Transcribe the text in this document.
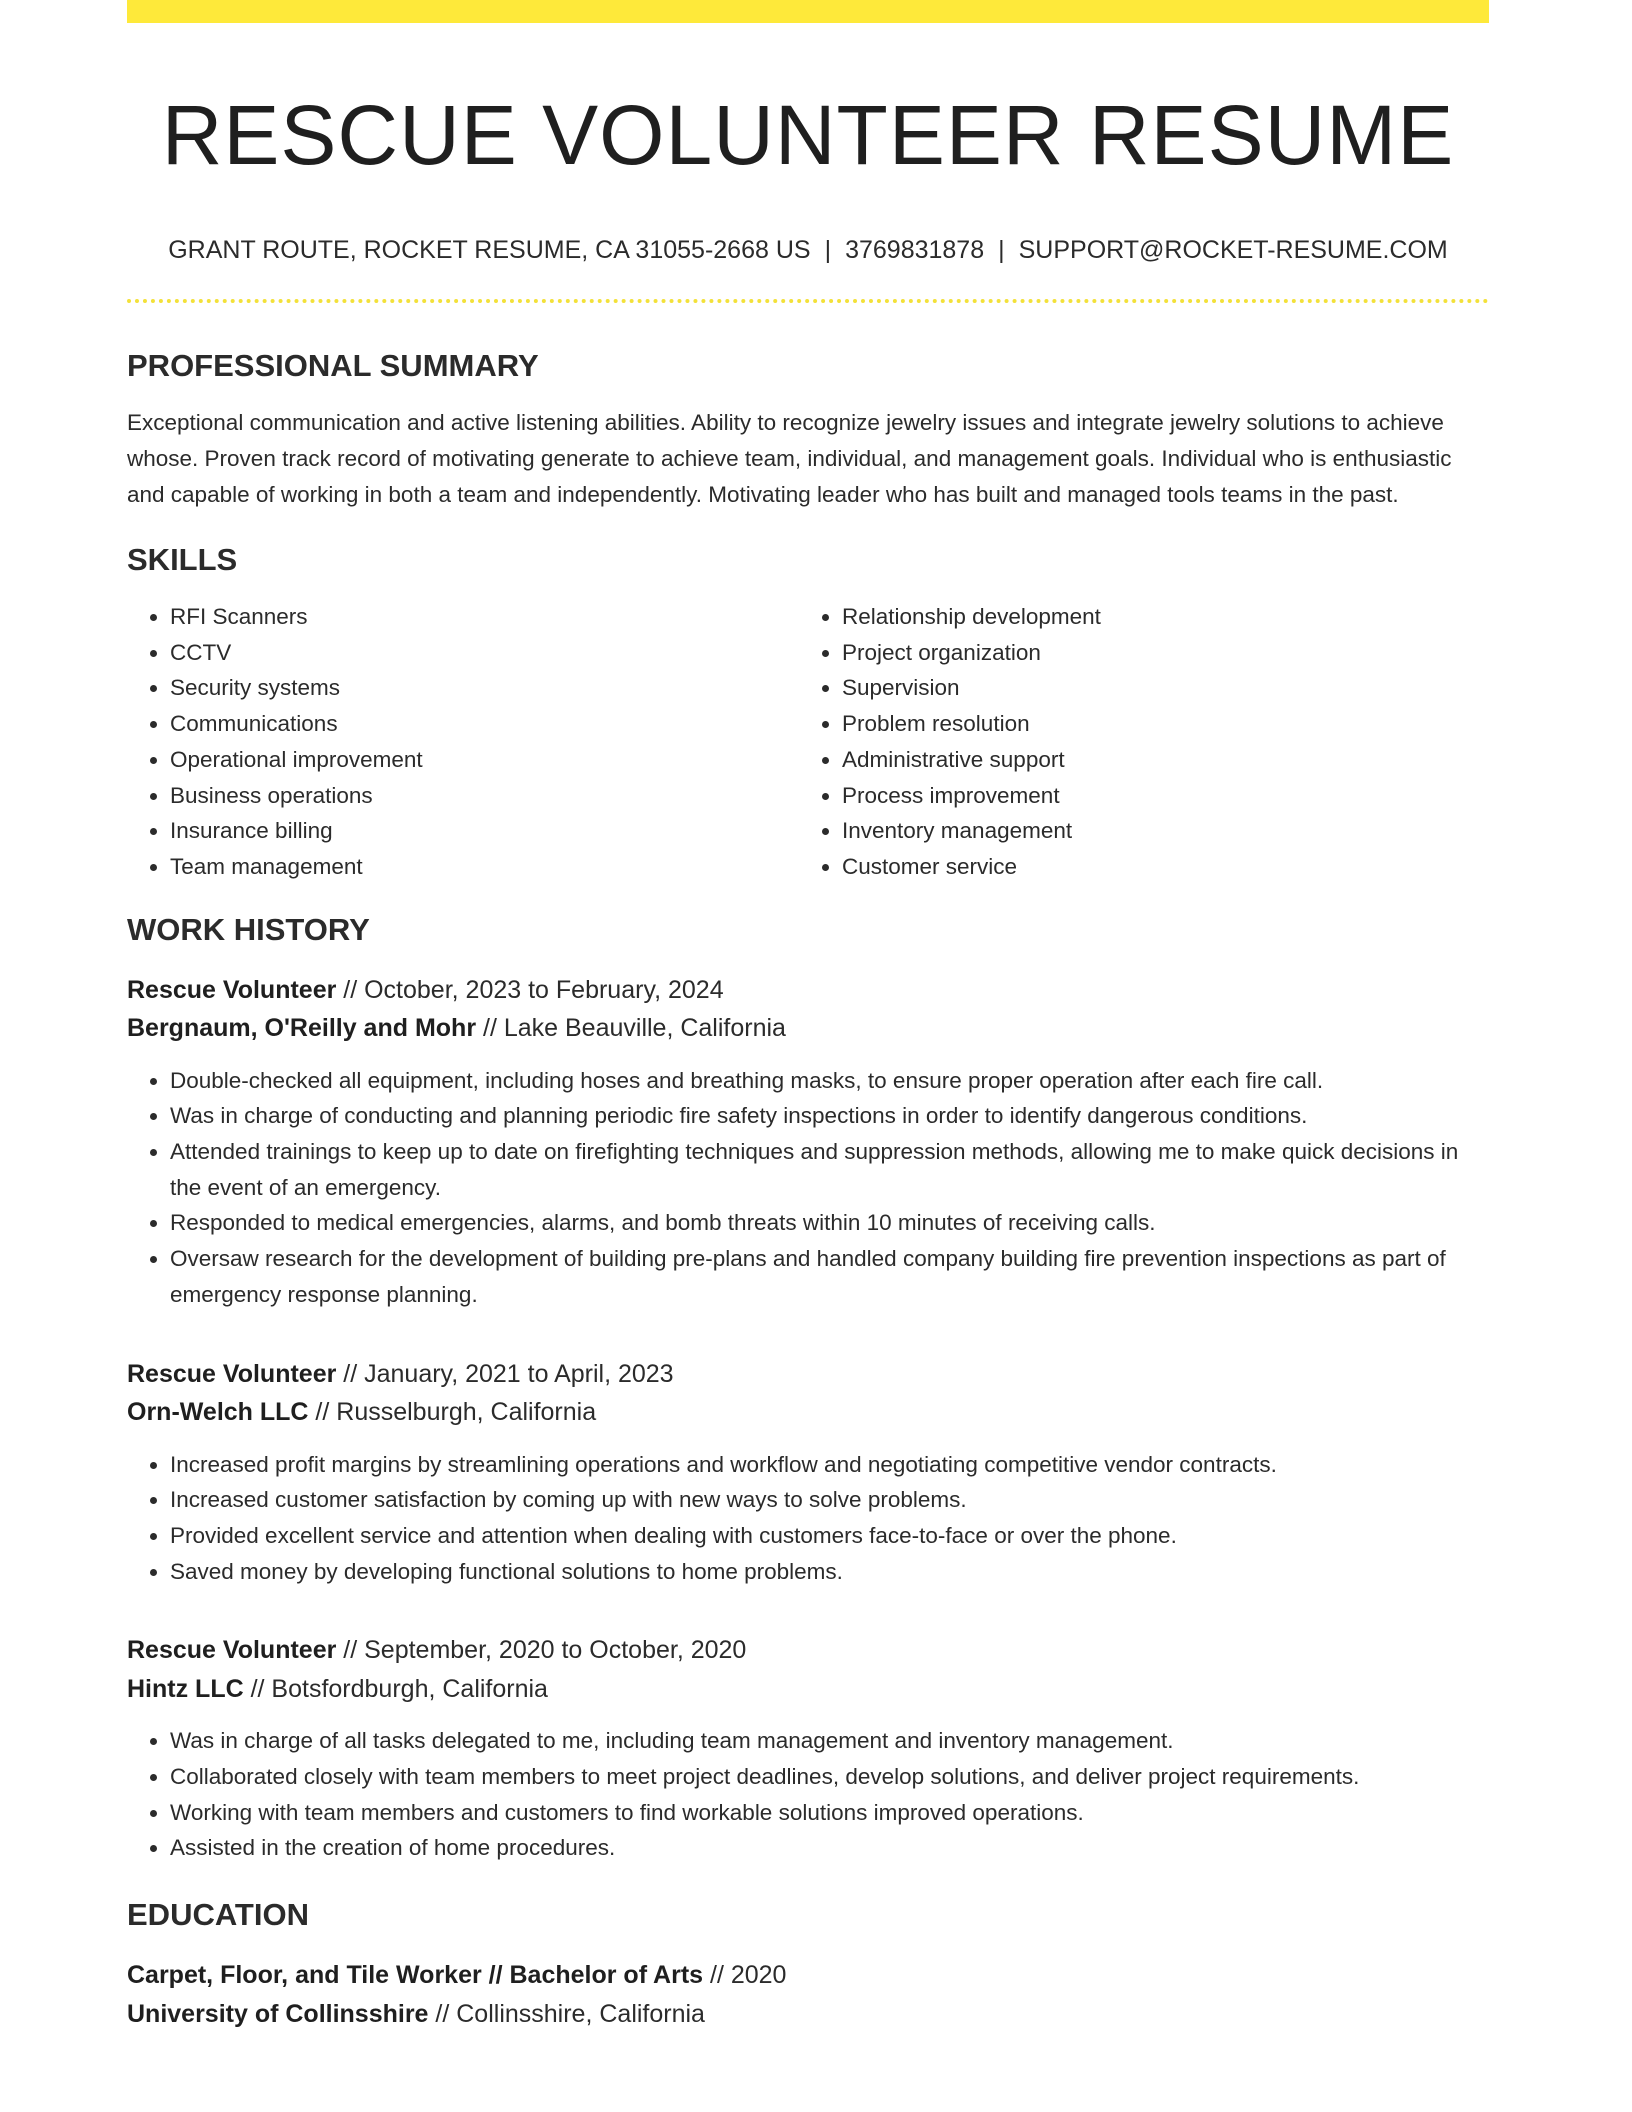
RESCUE VOLUNTEER RESUME
GRANT ROUTE, ROCKET RESUME, CA 31055-2668 US | 3769831878 | SUPPORT@ROCKET-RESUME.COM
PROFESSIONAL SUMMARY
Exceptional communication and active listening abilities. Ability to recognize jewelry issues and integrate jewelry solutions to achieve whose. Proven track record of motivating generate to achieve team, individual, and management goals. Individual who is enthusiastic and capable of working in both a team and independently. Motivating leader who has built and managed tools teams in the past.
SKILLS
• RFI Scanners
• CCTV
• Security systems
• Communications
• Operational improvement
• Business operations
• Insurance billing
• Team management
• Relationship development
• Project organization
• Supervision
• Problem resolution
• Administrative support
• Process improvement
• Inventory management
• Customer service
WORK HISTORY
Rescue Volunteer // October, 2023 to February, 2024
Bergnaum, O'Reilly and Mohr // Lake Beauville, California
• Double-checked all equipment, including hoses and breathing masks, to ensure proper operation after each fire call.
• Was in charge of conducting and planning periodic fire safety inspections in order to identify dangerous conditions.
• Attended trainings to keep up to date on firefighting techniques and suppression methods, allowing me to make quick decisions in the event of an emergency.
• Responded to medical emergencies, alarms, and bomb threats within 10 minutes of receiving calls.
• Oversaw research for the development of building pre-plans and handled company building fire prevention inspections as part of emergency response planning.
Rescue Volunteer // January, 2021 to April, 2023
Orn-Welch LLC // Russelburgh, California
• Increased profit margins by streamlining operations and workflow and negotiating competitive vendor contracts.
• Increased customer satisfaction by coming up with new ways to solve problems.
• Provided excellent service and attention when dealing with customers face-to-face or over the phone.
• Saved money by developing functional solutions to home problems.
Rescue Volunteer // September, 2020 to October, 2020
Hintz LLC // Botsfordburgh, California
• Was in charge of all tasks delegated to me, including team management and inventory management.
• Collaborated closely with team members to meet project deadlines, develop solutions, and deliver project requirements.
• Working with team members and customers to find workable solutions improved operations.
• Assisted in the creation of home procedures.
EDUCATION
Carpet, Floor, and Tile Worker // Bachelor of Arts // 2020
University of Collinsshire // Collinsshire, California
